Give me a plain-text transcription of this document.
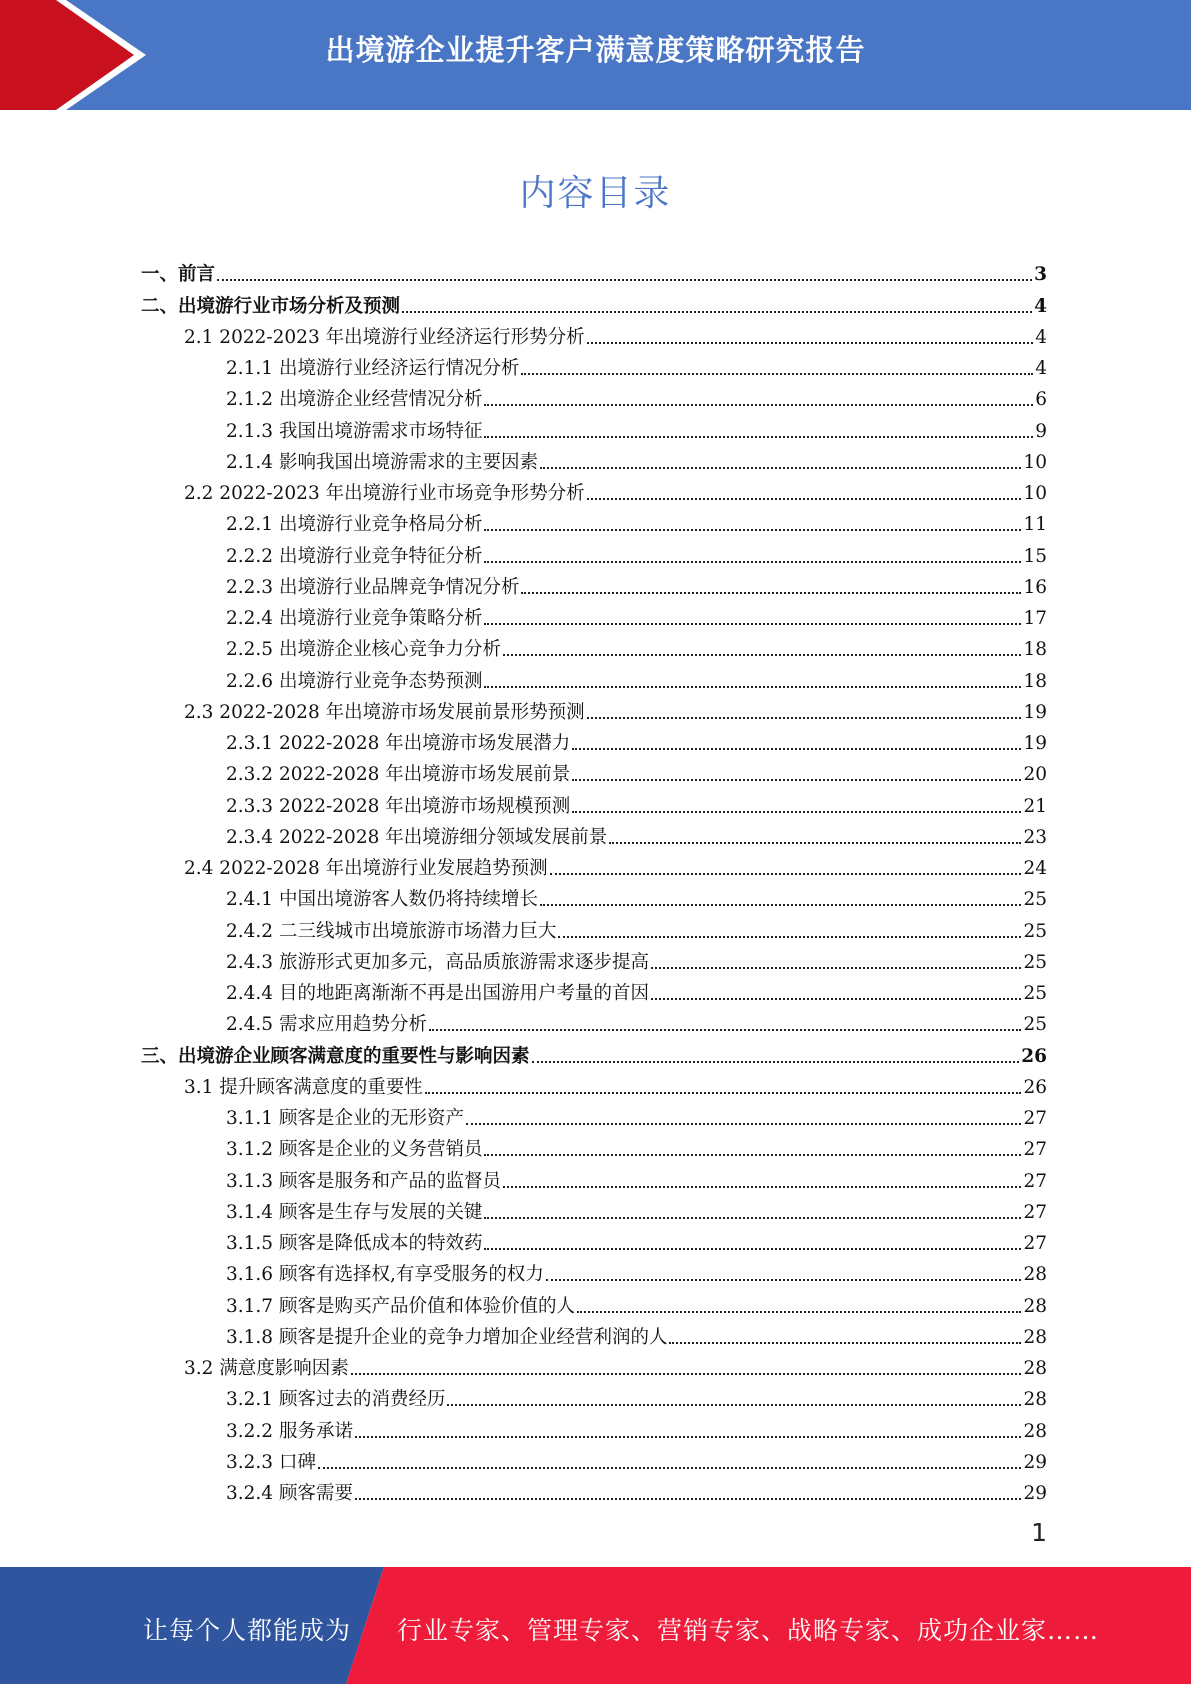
出境游企业提升客户满意度策略研究报告
内容目录
一、前言	3
二、出境游行业市场分析及预测	4
2.1 2022-2023 年出境游行业经济运行形势分析	4
2.1.1 出境游行业经济运行情况分析	4
2.1.2 出境游企业经营情况分析	6
2.1.3 我国出境游需求市场特征	9
2.1.4 影响我国出境游需求的主要因素	10
2.2 2022-2023 年出境游行业市场竞争形势分析	10
2.2.1 出境游行业竞争格局分析	11
2.2.2 出境游行业竞争特征分析	15
2.2.3 出境游行业品牌竞争情况分析	16
2.2.4 出境游行业竞争策略分析	17
2.2.5 出境游企业核心竞争力分析	18
2.2.6 出境游行业竞争态势预测	18
2.3 2022-2028 年出境游市场发展前景形势预测	19
2.3.1 2022-2028 年出境游市场发展潜力	19
2.3.2 2022-2028 年出境游市场发展前景	20
2.3.3 2022-2028 年出境游市场规模预测	21
2.3.4 2022-2028 年出境游细分领域发展前景	23
2.4 2022-2028 年出境游行业发展趋势预测	24
2.4.1 中国出境游客人数仍将持续增长	25
2.4.2 二三线城市出境旅游市场潜力巨大	25
2.4.3 旅游形式更加多元，高品质旅游需求逐步提高	25
2.4.4 目的地距离渐渐不再是出国游用户考量的首因	25
2.4.5 需求应用趋势分析	25
三、出境游企业顾客满意度的重要性与影响因素	26
3.1 提升顾客满意度的重要性	26
3.1.1 顾客是企业的无形资产	27
3.1.2 顾客是企业的义务营销员	27
3.1.3 顾客是服务和产品的监督员	27
3.1.4 顾客是生存与发展的关键	27
3.1.5 顾客是降低成本的特效药	27
3.1.6 顾客有选择权,有享受服务的权力	28
3.1.7 顾客是购买产品价值和体验价值的人	28
3.1.8 顾客是提升企业的竞争力增加企业经营利润的人	28
3.2 满意度影响因素	28
3.2.1 顾客过去的消费经历	28
3.2.2 服务承诺	28
3.2.3 口碑	29
3.2.4 顾客需要	29
1
让每个人都能成为 行业专家、管理专家、营销专家、战略专家、成功企业家……
